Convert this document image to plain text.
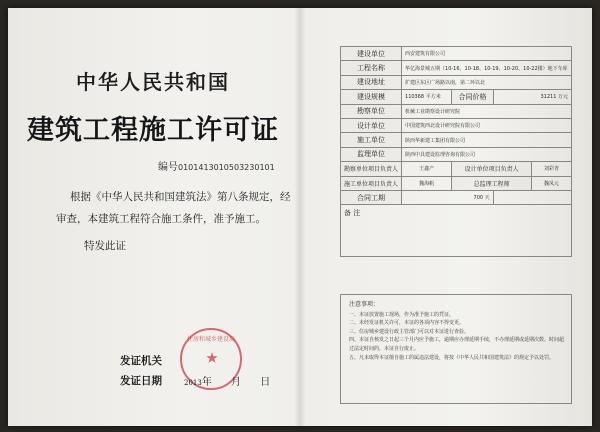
中华人民共和国
建筑工程施工许可证
编号0101413010503230101
根据《中华人民共和国建筑法》第八条规定，经审查，本建筑工程符合施工条件，准予施工。
特发此证
住房和城乡建设局
发证机关
发证日期	2013年 月 日
建设单位	西安建筑有限公司			
工程名称	华亿海景城五期（10-16、10-18、10-19、10-20、10-22楼）地下车库			
建设地址	扩建区东区广场路以南，第二环以北			
建设规模	110368 平方米	合同价格	31211 万元	
勘察单位	机械工业勘察设计研究院			
设计单位	中国建筑西北设计研究院有限公司			
施工单位	陕西华新建工集团有限公司			
监理单位	陕西中具建设监理咨询有限公司			
勘察单位项目负责人	王鑫产	设计单位项目负责人		刘彩青
施工单位项目负责人	魏海帆	总监理工程师		魏凤元
合同工期	700 天			
备 注				
注意事项：
一、本证放置施工现场，作为准予施工的凭证。
二、未经发证机关许可，本证的各项内容不得变更。
三、住房城乡建设行政主管部门可以对本证进行查验。
四、本证自核发之日起三个月内应予施工，逾期应办理延期手续，不办理延期或延期次数、时间超过法定时间的，本证自行废止。
五、凡未取得本证擅自施工的属违法建设，将按《中华人民共和国建筑法》的规定予以处罚。
